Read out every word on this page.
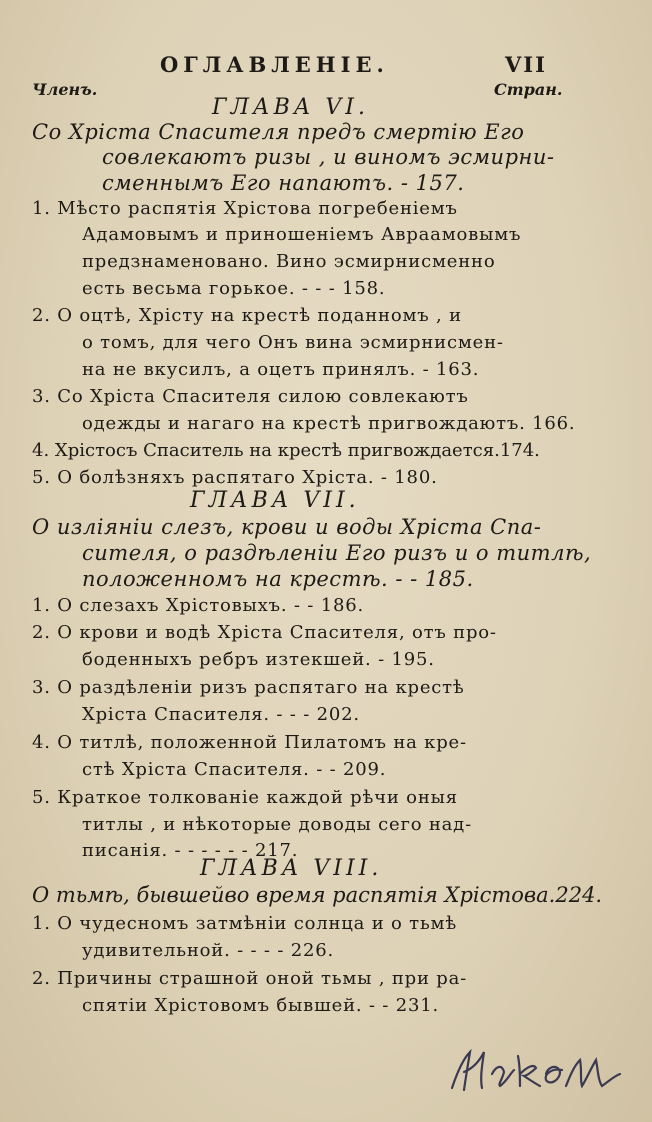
ОГЛАВЛЕНIЕ.	VII
Членъ.	Стран.
ГЛАВА VI.
Со Хрiста Спасителя предъ смертiю Его
совлекаютъ ризы , и виномъ эсмирни-
сменнымъ Его напаютъ. - 157.
1. Мѣсто распятiя Хрiстова погребенiемъ
Адамовымъ и приношенiемъ Авраамовымъ
предзнаменовано. Вино эсмирнисменно
есть весьма горькое. - - - 158.
2. О оцтѣ, Хрiсту на крестѣ поданномъ , и
о томъ, для чего Онъ вина эсмирнисмен-
на не вкусилъ, а оцетъ принялъ. - 163.
3. Со Хрiста Спасителя силою совлекаютъ
одежды и нагаго на крестѣ пригвождаютъ. 166.
4. Хрiстосъ Спаситель на крестѣ пригвождается.174.
5. О болѣзняхъ распятаго Хрiста. - 180.
ГЛАВА VII.
О излiянiи слезъ, крови и воды Хрiста Спа-
сителя, о раздѣленiи Его ризъ и о титлѣ,
положенномъ на крестѣ. - - 185.
1. О слезахъ Хрiстовыхъ. - - 186.
2. О крови и водѣ Хрiста Спасителя, отъ про-
боденныхъ ребръ изтекшей. - 195.
3. О раздѣленiи ризъ распятаго на крестѣ
Хрiста Спасителя. - - - 202.
4. О титлѣ, положенной Пилатомъ на кре-
стѣ Хрiста Спасителя. - - 209.
5. Краткое толкованiе каждой рѣчи оныя
титлы , и нѣкоторые доводы сего над-
писанiя. - - - - - - 217.
ГЛАВА VIII.
О тьмѣ, бывшейво время распятiя Хрiстова.224.
1. О чудесномъ затмѣнiи солнца и о тьмѣ
удивительной. - - - - 226.
2. Причины страшной оной тьмы , при ра-
спятiи Хрiстовомъ бывшей. - - 231.
